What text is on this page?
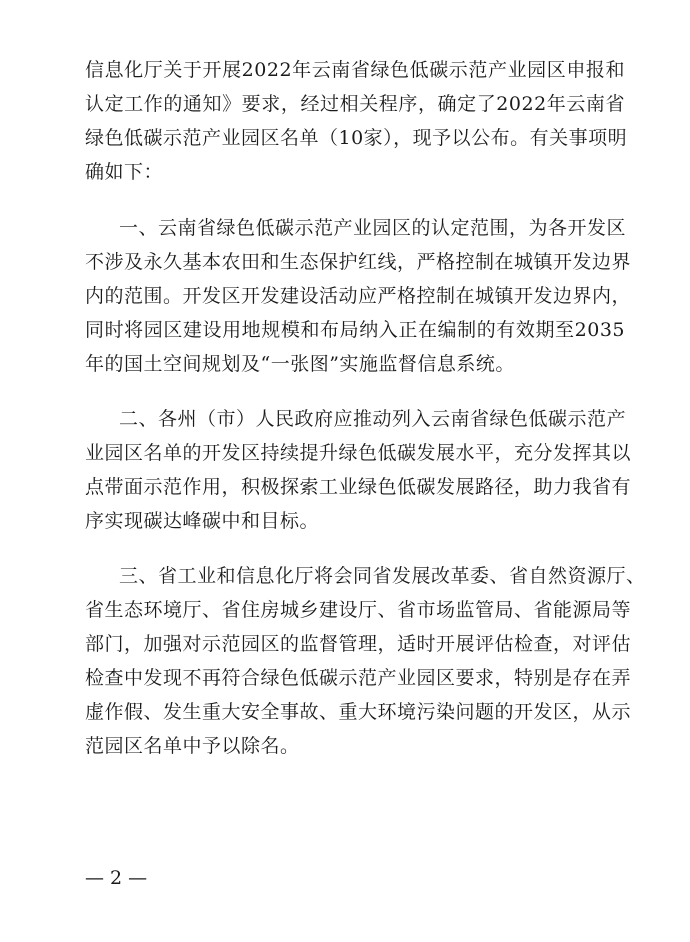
信息化厅关于开展2022年云南省绿色低碳示范产业园区申报和
认定工作的通知》要求，经过相关程序，确定了2022年云南省
绿色低碳示范产业园区名单（10家），现予以公布。有关事项明
确如下：
一、云南省绿色低碳示范产业园区的认定范围，为各开发区
不涉及永久基本农田和生态保护红线，严格控制在城镇开发边界
内的范围。开发区开发建设活动应严格控制在城镇开发边界内，
同时将园区建设用地规模和布局纳入正在编制的有效期至2035
年的国土空间规划及“一张图”实施监督信息系统。
二、各州（市）人民政府应推动列入云南省绿色低碳示范产
业园区名单的开发区持续提升绿色低碳发展水平，充分发挥其以
点带面示范作用，积极探索工业绿色低碳发展路径，助力我省有
序实现碳达峰碳中和目标。
三、省工业和信息化厅将会同省发展改革委、省自然资源厅、
省生态环境厅、省住房城乡建设厅、省市场监管局、省能源局等
部门，加强对示范园区的监督管理，适时开展评估检查，对评估
检查中发现不再符合绿色低碳示范产业园区要求，特别是存在弄
虚作假、发生重大安全事故、重大环境污染问题的开发区，从示
范园区名单中予以除名。
— 2 —
